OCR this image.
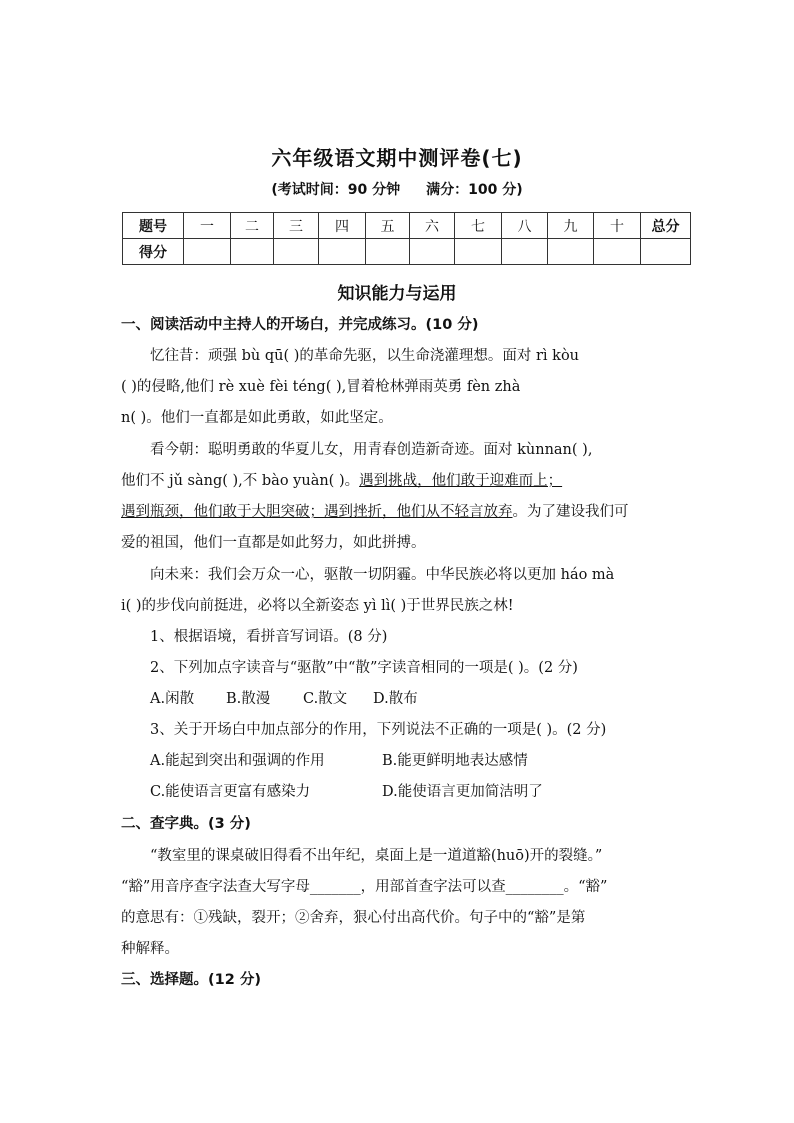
六年级语文期中测评卷(七)
(考试时间：90 分钟 满分：100 分)
题号	一	二	三	四	五	六	七	八	九	十	总分
得分											
知识能力与运用
一、阅读活动中主持人的开场白，并完成练习。(10 分)
忆往昔：顽强 bù qū( )的革命先驱，以生命浇灌理想。面对 rì kòu
( )的侵略,他们 rè xuè fèi téng( ),冒着枪林弹雨英勇 fèn zhà
n( )。他们一直都是如此勇敢，如此坚定。
看今朝：聪明勇敢的华夏儿女，用青春创造新奇迹。面对 kùnnan( ),
他们不 jǔ sàng( ),不 bào yuàn( )。遇到挑战，他们敢于迎难而上；
遇到瓶颈，他们敢于大胆突破；遇到挫折，他们从不轻言放弃。为了建设我们可
爱的祖国，他们一直都是如此努力，如此拼搏。
向未来：我们会万众一心，驱散一切阴霾。中华民族必将以更加 háo mà
i( )的步伐向前挺进，必将以全新姿态 yì lì( )于世界民族之林!
1、根据语境，看拼音写词语。(8 分)
2、下列加点字读音与“驱散”中“散”字读音相同的一项是( )。(2 分)
A.闲散 B.散漫 C.散文 D.散布
3、关于开场白中加点部分的作用，下列说法不正确的一项是( )。(2 分)
A.能起到突出和强调的作用	B.能更鲜明地表达感情
C.能使语言更富有感染力	D.能使语言更加简洁明了
二、查字典。(3 分)
“教室里的课桌破旧得看不出年纪，桌面上是一道道豁(huō)开的裂缝。”
“豁”用音序查字法查大写字母_______，用部首查字法可以查________。“豁”
的意思有：①残缺，裂开；②舍弃，狠心付出高代价。句子中的“豁”是第
种解释。
三、选择题。(12 分)
